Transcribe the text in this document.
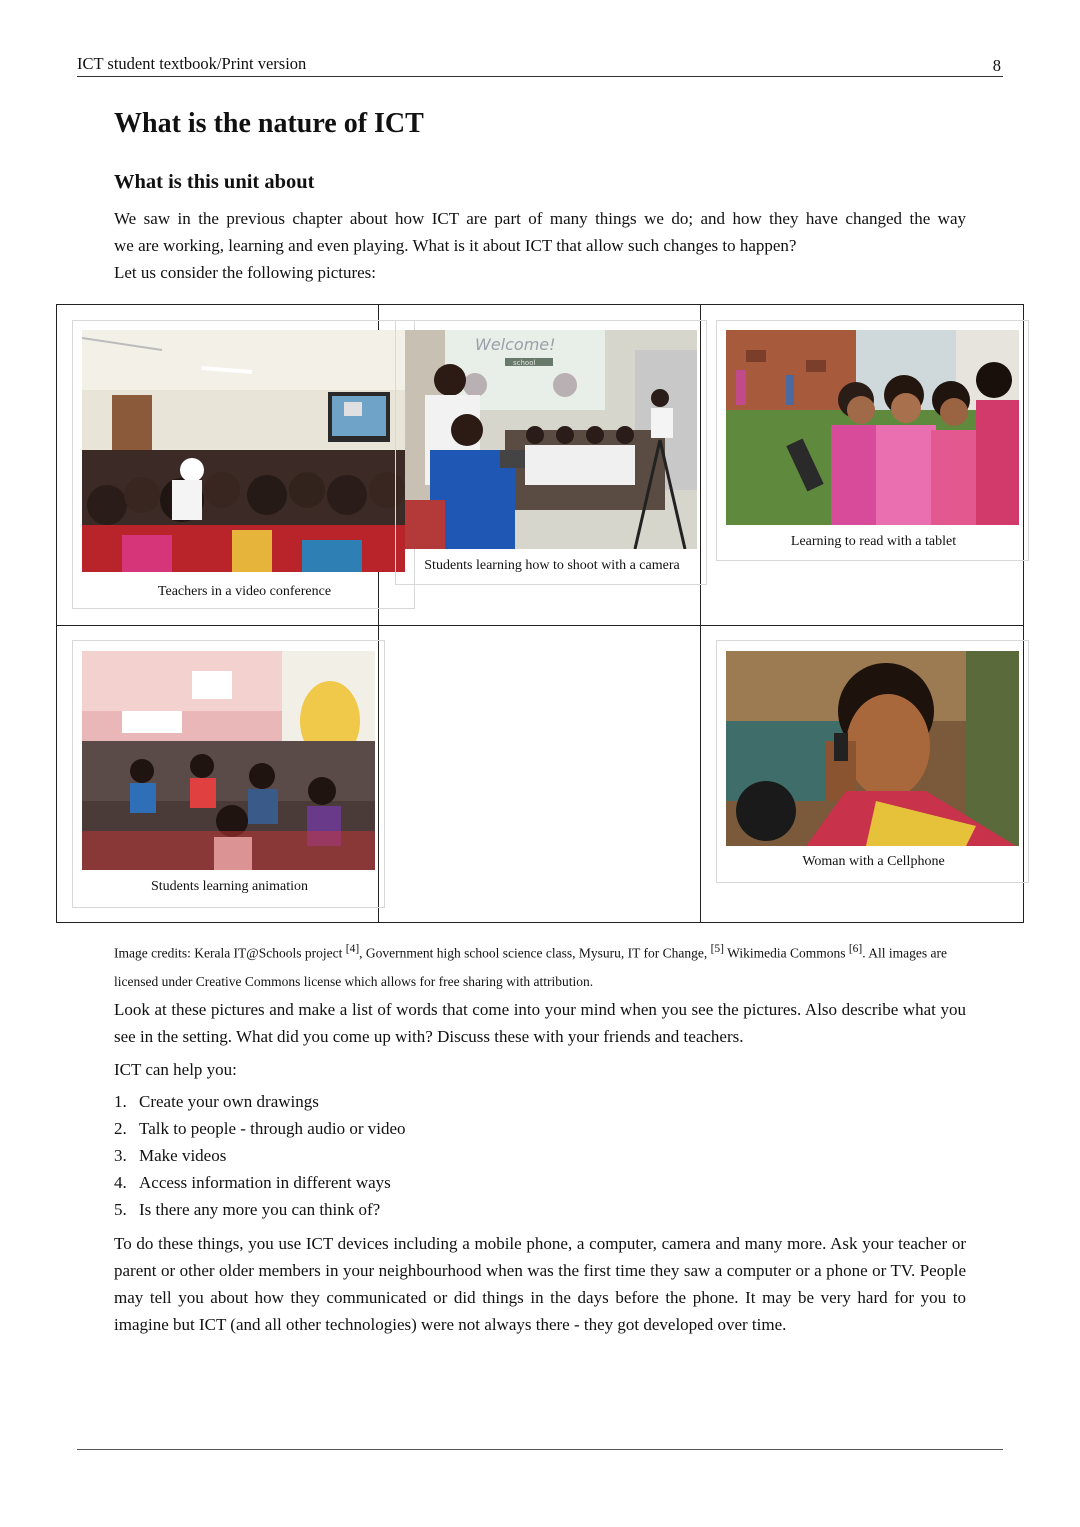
ICT student textbook/Print version	8
What is the nature of ICT
What is this unit about

We saw in the previous chapter about how ICT are part of many things we do; and how they have changed the way
we are working, learning and even playing. What is it about ICT that allow such changes to happen?
Let us consider the following pictures:

Teachers in a video conference
Welcome!
school
Students learning how to shoot with a camera
Learning to read with a tablet
Students learning animation
Woman with a Cellphone

Image credits: Kerala IT@Schools project [4], Government high school science class, Mysuru, IT for Change, [5] Wikimedia Commons [6]. All images are licensed under Creative Commons license which allows for free sharing with attribution.

Look at these pictures and make a list of words that come into your mind when you see the pictures. Also describe what you see in the setting. What did you come up with? Discuss these with your friends and teachers.

ICT can help you:

1. Create your own drawings
2. Talk to people - through audio or video
3. Make videos
4. Access information in different ways
5. Is there any more you can think of?

To do these things, you use ICT devices including a mobile phone, a computer, camera and many more. Ask your teacher or parent or other older members in your neighbourhood when was the first time they saw a computer or a phone or TV. People may tell you about how they communicated or did things in the days before the phone. It may be very hard for you to imagine but ICT (and all other technologies) were not always there - they got developed over time.
